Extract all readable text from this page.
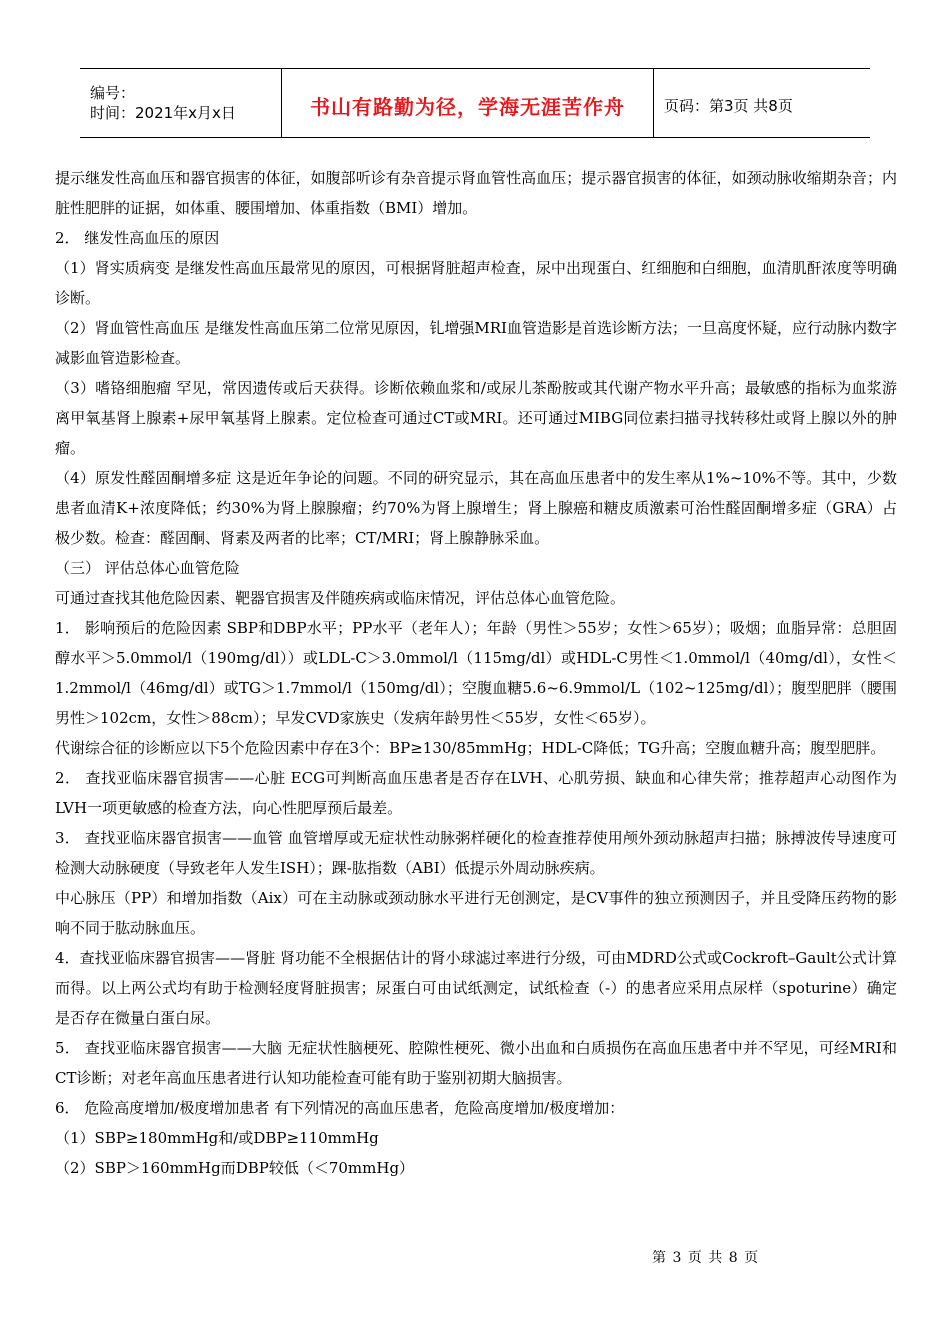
编号：
时间：2021年x月x日	书山有路勤为径，学海无涯苦作舟	页码：第3页 共8页

提示继发性高血压和器官损害的体征，如腹部听诊有杂音提示肾血管性高血压；提示器官损害的体征，如颈动脉收缩期杂音；内脏性肥胖的证据，如体重、腰围增加、体重指数（BMI）增加。

2． 继发性高血压的原因

（1）肾实质病变 是继发性高血压最常见的原因，可根据肾脏超声检查，尿中出现蛋白、红细胞和白细胞，血清肌酐浓度等明确诊断。

（2）肾血管性高血压 是继发性高血压第二位常见原因，钆增强MRI血管造影是首选诊断方法；一旦高度怀疑，应行动脉内数字减影血管造影检查。

（3）嗜铬细胞瘤 罕见，常因遗传或后天获得。诊断依赖血浆和/或尿儿茶酚胺或其代谢产物水平升高；最敏感的指标为血浆游离甲氧基肾上腺素+尿甲氧基肾上腺素。定位检查可通过CT或MRI。还可通过MIBG同位素扫描寻找转移灶或肾上腺以外的肿瘤。

（4）原发性醛固酮增多症 这是近年争论的问题。不同的研究显示，其在高血压患者中的发生率从1%~10%不等。其中，少数患者血清K+浓度降低；约30%为肾上腺腺瘤；约70%为肾上腺增生；肾上腺癌和糖皮质激素可治性醛固酮增多症（GRA）占极少数。检查：醛固酮、肾素及两者的比率；CT/MRI；肾上腺静脉采血。

（三） 评估总体心血管危险

可通过查找其他危险因素、靶器官损害及伴随疾病或临床情况，评估总体心血管危险。

1． 影响预后的危险因素 SBP和DBP水平；PP水平（老年人）；年龄（男性＞55岁；女性＞65岁）；吸烟；血脂异常：总胆固醇水平＞5.0mmol/l（190mg/dl））或LDL-C＞3.0mmol/l（115mg/dl）或HDL-C男性＜1.0mmol/l（40mg/dl），女性＜1.2mmol/l（46mg/dl）或TG＞1.7mmol/l（150mg/dl）；空腹血糖5.6~6.9mmol/L（102~125mg/dl）；腹型肥胖（腰围男性＞102cm，女性＞88cm）；早发CVD家族史（发病年龄男性＜55岁，女性＜65岁）。

代谢综合征的诊断应以下5个危险因素中存在3个：BP≥130/85mmHg；HDL-C降低；TG升高；空腹血糖升高；腹型肥胖。

2． 查找亚临床器官损害——心脏 ECG可判断高血压患者是否存在LVH、心肌劳损、缺血和心律失常；推荐超声心动图作为LVH一项更敏感的检查方法，向心性肥厚预后最差。

3． 查找亚临床器官损害——血管 血管增厚或无症状性动脉粥样硬化的检查推荐使用颅外颈动脉超声扫描；脉搏波传导速度可检测大动脉硬度（导致老年人发生ISH）；踝-肱指数（ABI）低提示外周动脉疾病。

中心脉压（PP）和增加指数（Aix）可在主动脉或颈动脉水平进行无创测定，是CV事件的独立预测因子，并且受降压药物的影响不同于肱动脉血压。

4．查找亚临床器官损害——肾脏 肾功能不全根据估计的肾小球滤过率进行分级，可由MDRD公式或Cockroft–Gault公式计算而得。以上两公式均有助于检测轻度肾脏损害；尿蛋白可由试纸测定，试纸检查（-）的患者应采用点尿样（spoturine）确定是否存在微量白蛋白尿。

5． 查找亚临床器官损害——大脑 无症状性脑梗死、腔隙性梗死、微小出血和白质损伤在高血压患者中并不罕见，可经MRI和CT诊断；对老年高血压患者进行认知功能检查可能有助于鉴别初期大脑损害。

6． 危险高度增加/极度增加患者 有下列情况的高血压患者，危险高度增加/极度增加：

（1）SBP≥180mmHg和/或DBP≥110mmHg

（2）SBP＞160mmHg而DBP较低（＜70mmHg）

第 3 页 共 8 页
